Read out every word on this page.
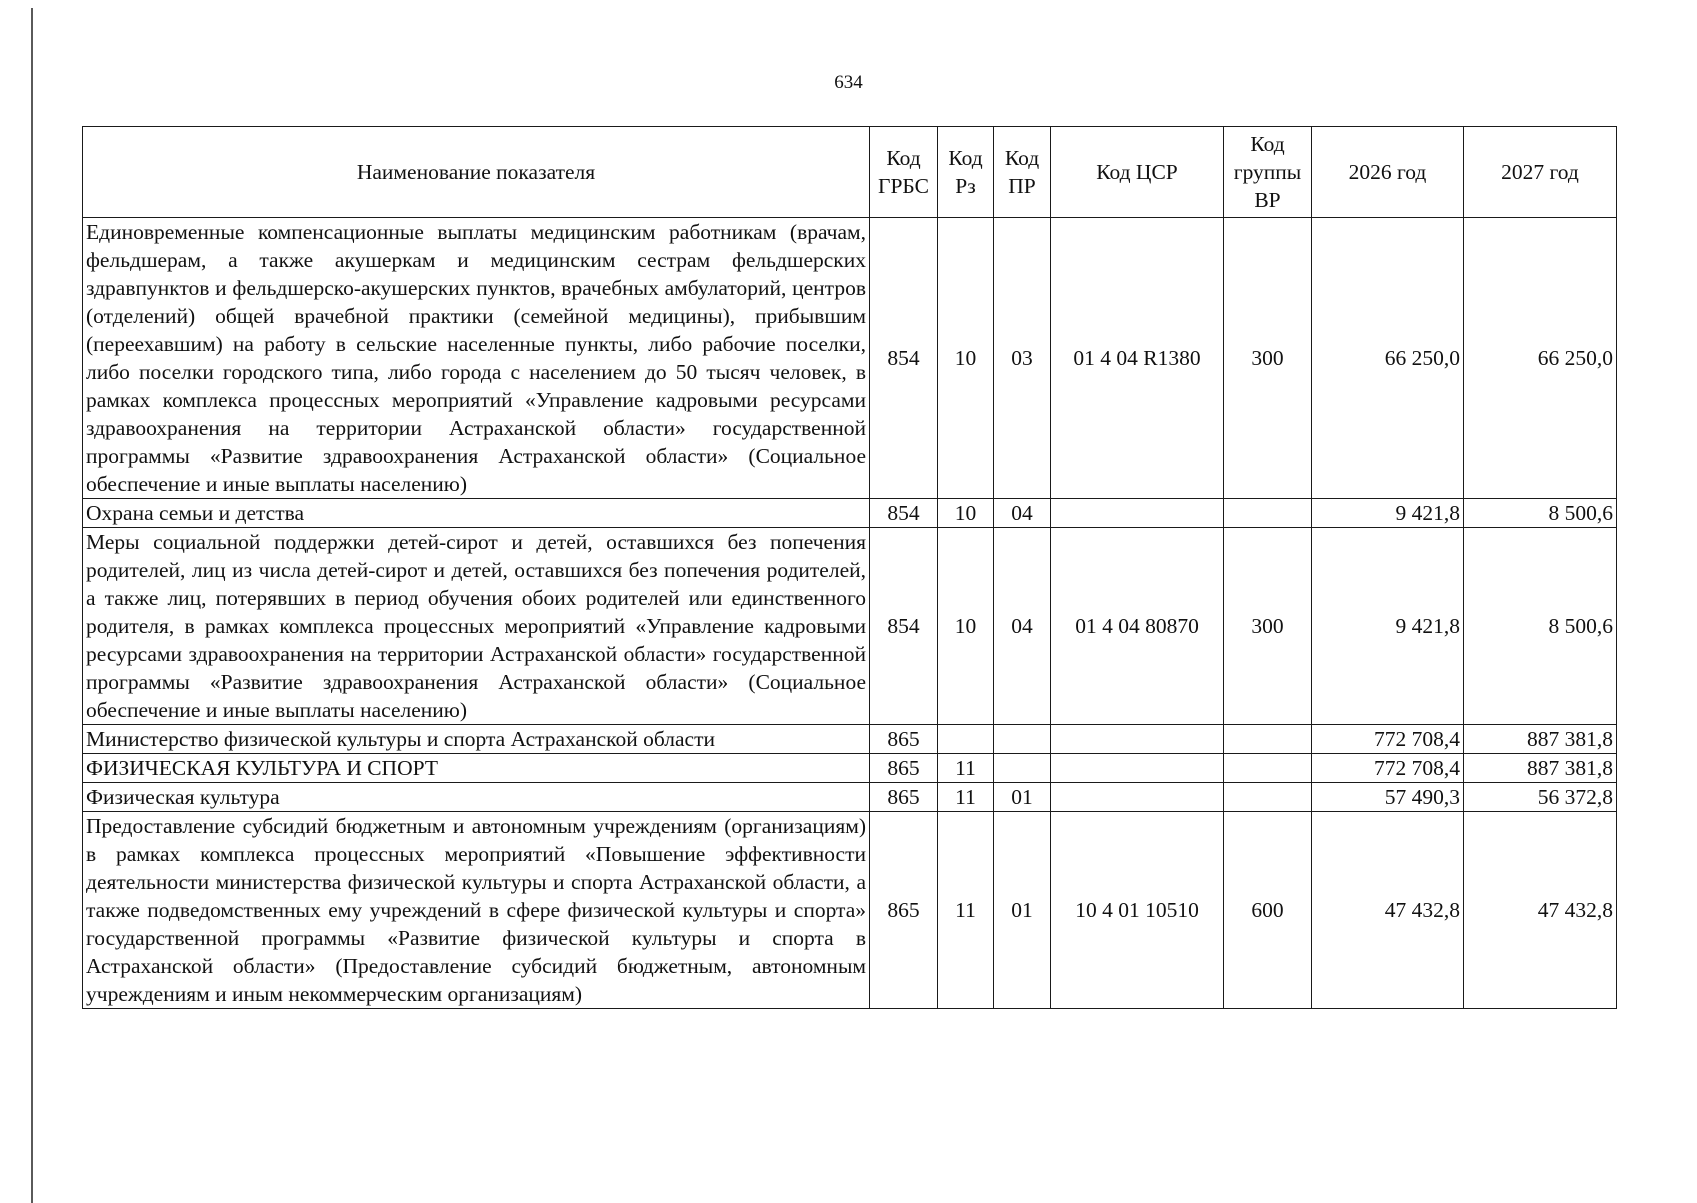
634
Наименование показателя	Код ГРБС	Код Рз	Код ПР	Код ЦСР	Код группы ВР	2026 год	2027 год
Единовременные компенсационные выплаты медицинским работникам (врачам, фельдшерам, а также акушеркам и медицинским сестрам фельдшерских здравпунктов и фельдшерско-акушерских пунктов, врачебных амбулаторий, центров (отделений) общей врачебной практики (семейной медицины), прибывшим (переехавшим) на работу в сельские населенные пункты, либо рабочие поселки, либо поселки городского типа, либо города с населением до 50 тысяч человек, в рамках комплекса процессных мероприятий «Управление кадровыми ресурсами здравоохранения на территории Астраханской области» государственной программы «Развитие здравоохранения Астраханской области» (Социальное обеспечение и иные выплаты населению)	854	10	03	01 4 04 R1380	300	66 250,0	66 250,0
Охрана семьи и детства	854	10	04			9 421,8	8 500,6
Меры социальной поддержки детей-сирот и детей, оставшихся без попечения родителей, лиц из числа детей-сирот и детей, оставшихся без попечения родителей, а также лиц, потерявших в период обучения обоих родителей или единственного родителя, в рамках комплекса процессных мероприятий «Управление кадровыми ресурсами здравоохранения на территории Астраханской области» государственной программы «Развитие здравоохранения Астраханской области» (Социальное обеспечение и иные выплаты населению)	854	10	04	01 4 04 80870	300	9 421,8	8 500,6
Министерство физической культуры и спорта Астраханской области	865					772 708,4	887 381,8
ФИЗИЧЕСКАЯ КУЛЬТУРА И СПОРТ	865	11				772 708,4	887 381,8
Физическая культура	865	11	01			57 490,3	56 372,8
Предоставление субсидий бюджетным и автономным учреждениям (организациям) в рамках комплекса процессных мероприятий «Повышение эффективности деятельности министерства физической культуры и спорта Астраханской области, а также подведомственных ему учреждений в сфере физической культуры и спорта» государственной программы «Развитие физической культуры и спорта в Астраханской области» (Предоставление субсидий бюджетным, автономным учреждениям и иным некоммерческим организациям)	865	11	01	10 4 01 10510	600	47 432,8	47 432,8
